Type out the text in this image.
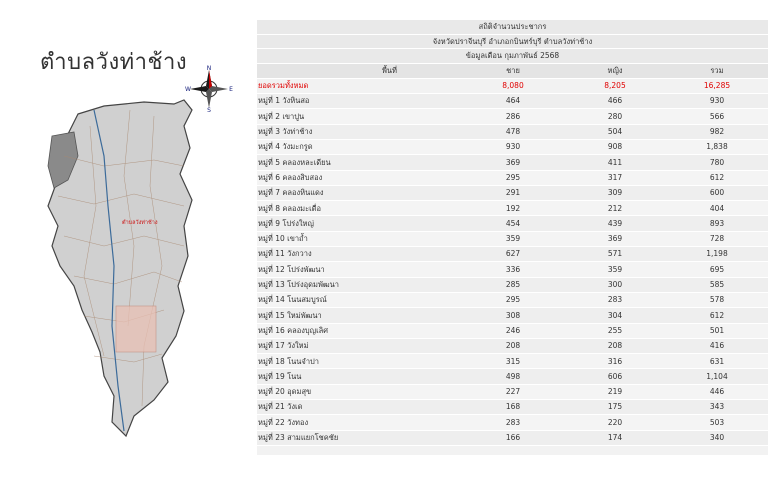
ตำบลวังท่าช้าง	N
S
E
W
ตำบลวังท่าช้าง
สถิติจำนวนประชากร			
จังหวัดปราจีนบุรี อำเภอกบินทร์บุรี ตำบลวังท่าช้าง			
ข้อมูลเดือน กุมภาพันธ์ 2568			
พื้นที่	ชาย	หญิง	รวม
ยอดรวมทั้งหมด	8,080	8,205	16,285
หมู่ที่ 1 วังหินสอ	464	466	930
หมู่ที่ 2 เขาปูน	286	280	566
หมู่ที่ 3 วังท่าช้าง	478	504	982
หมู่ที่ 4 วังมะกรูด	930	908	1,838
หมู่ที่ 5 คลองหละเดียน	369	411	780
หมู่ที่ 6 คลองสิบสอง	295	317	612
หมู่ที่ 7 คลองหินแดง	291	309	600
หมู่ที่ 8 คลองมะเดื่อ	192	212	404
หมู่ที่ 9 โปร่งใหญ่	454	439	893
หมู่ที่ 10 เขาถ้ำ	359	369	728
หมู่ที่ 11 วังกวาง	627	571	1,198
หมู่ที่ 12 โปร่งพัฒนา	336	359	695
หมู่ที่ 13 โปร่งอุดมพัฒนา	285	300	585
หมู่ที่ 14 โนนสมบูรณ์	295	283	578
หมู่ที่ 15 ใหม่พัฒนา	308	304	612
หมู่ที่ 16 คลองบุญเลิศ	246	255	501
หมู่ที่ 17 วังใหม่	208	208	416
หมู่ที่ 18 โนนจำปา	315	316	631
หมู่ที่ 19 โนน	498	606	1,104
หมู่ที่ 20 อุดมสุข	227	219	446
หมู่ที่ 21 วังเด	168	175	343
หมู่ที่ 22 วังทอง	283	220	503
หมู่ที่ 23 สามแยกโชคชัย	166	174	340
